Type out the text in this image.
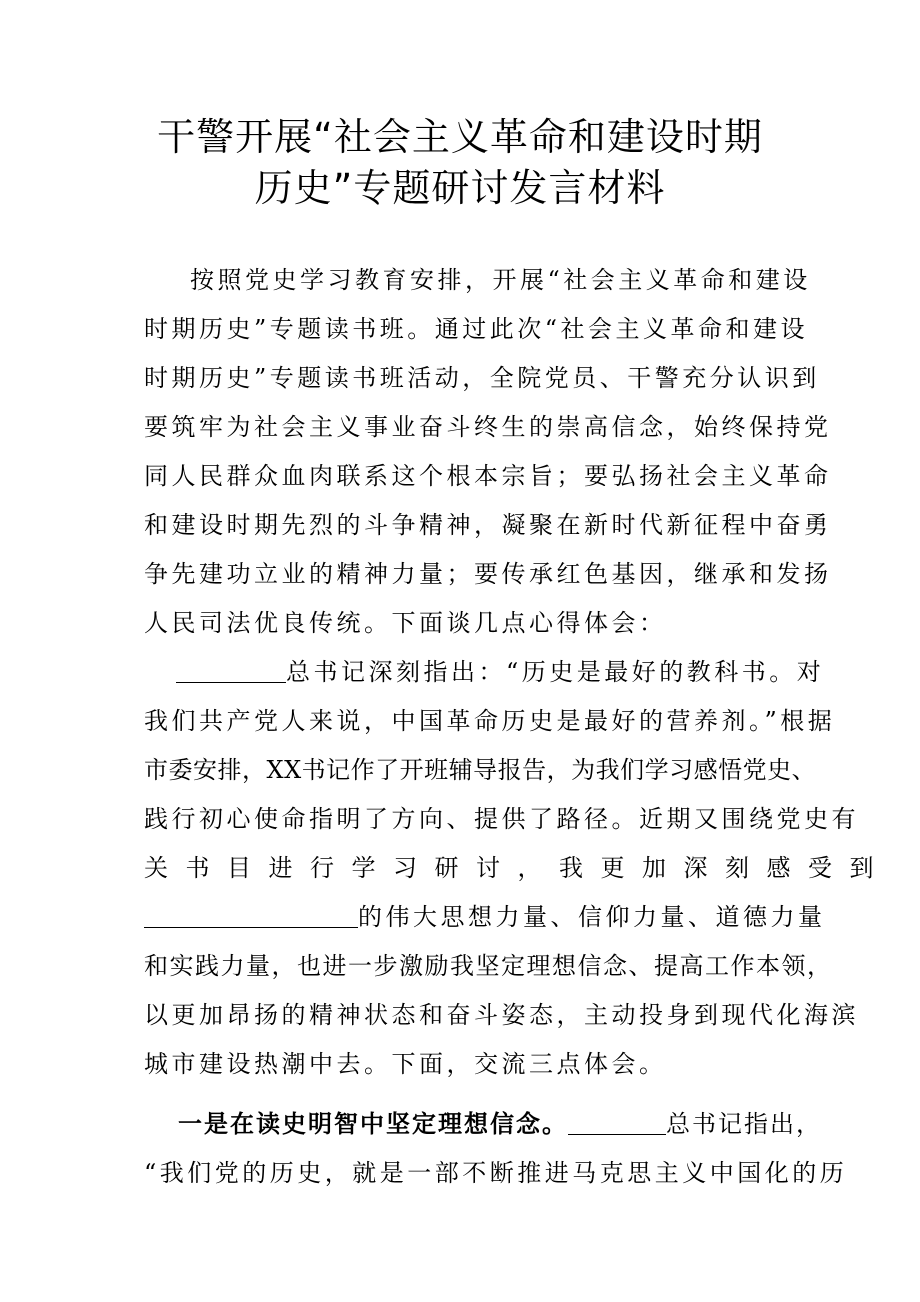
干警开展“社会主义革命和建设时期
历史”专题研讨发言材料

按照党史学习教育安排，开展“社会主义革命和建设

时期历史”专题读书班。通过此次“社会主义革命和建设

时期历史”专题读书班活动，全院党员、干警充分认识到

要筑牢为社会主义事业奋斗终生的崇高信念，始终保持党

同人民群众血肉联系这个根本宗旨；要弘扬社会主义革命

和建设时期先烈的斗争精神，凝聚在新时代新征程中奋勇

争先建功立业的精神力量；要传承红色基因，继承和发扬

人民司法优良传统。下面谈几点心得体会：

总书记深刻指出：“历史是最好的教科书。对

我们共产党人来说，中国革命历史是最好的营养剂。”根据

市委安排，XX书记作了开班辅导报告，为我们学习感悟党史、

践行初心使命指明了方向、提供了路径。近期又围绕党史有

关书目进行学习研讨，我更加深刻感受到

的伟大思想力量、信仰力量、道德力量

和实践力量，也进一步激励我坚定理想信念、提高工作本领，

以更加昂扬的精神状态和奋斗姿态，主动投身到现代化海滨

城市建设热潮中去。下面，交流三点体会。

一是在读史明智中坚定理想信念。	总书记指出，

“我们党的历史，就是一部不断推进马克思主义中国化的历
